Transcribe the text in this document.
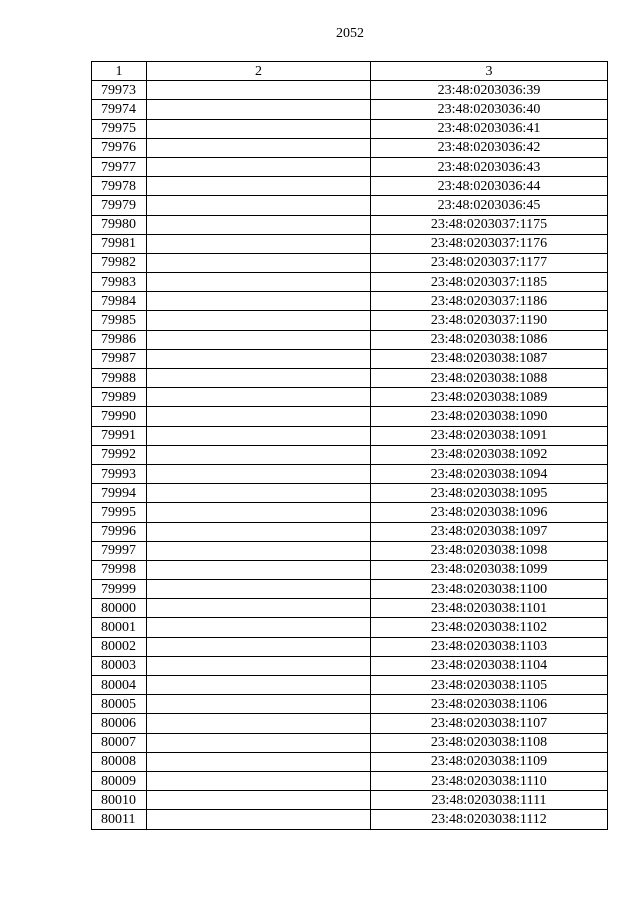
2052
1	2	3
79973		23:48:0203036:39
79974		23:48:0203036:40
79975		23:48:0203036:41
79976		23:48:0203036:42
79977		23:48:0203036:43
79978		23:48:0203036:44
79979		23:48:0203036:45
79980		23:48:0203037:1175
79981		23:48:0203037:1176
79982		23:48:0203037:1177
79983		23:48:0203037:1185
79984		23:48:0203037:1186
79985		23:48:0203037:1190
79986		23:48:0203038:1086
79987		23:48:0203038:1087
79988		23:48:0203038:1088
79989		23:48:0203038:1089
79990		23:48:0203038:1090
79991		23:48:0203038:1091
79992		23:48:0203038:1092
79993		23:48:0203038:1094
79994		23:48:0203038:1095
79995		23:48:0203038:1096
79996		23:48:0203038:1097
79997		23:48:0203038:1098
79998		23:48:0203038:1099
79999		23:48:0203038:1100
80000		23:48:0203038:1101
80001		23:48:0203038:1102
80002		23:48:0203038:1103
80003		23:48:0203038:1104
80004		23:48:0203038:1105
80005		23:48:0203038:1106
80006		23:48:0203038:1107
80007		23:48:0203038:1108
80008		23:48:0203038:1109
80009		23:48:0203038:1110
80010		23:48:0203038:1111
80011		23:48:0203038:1112
